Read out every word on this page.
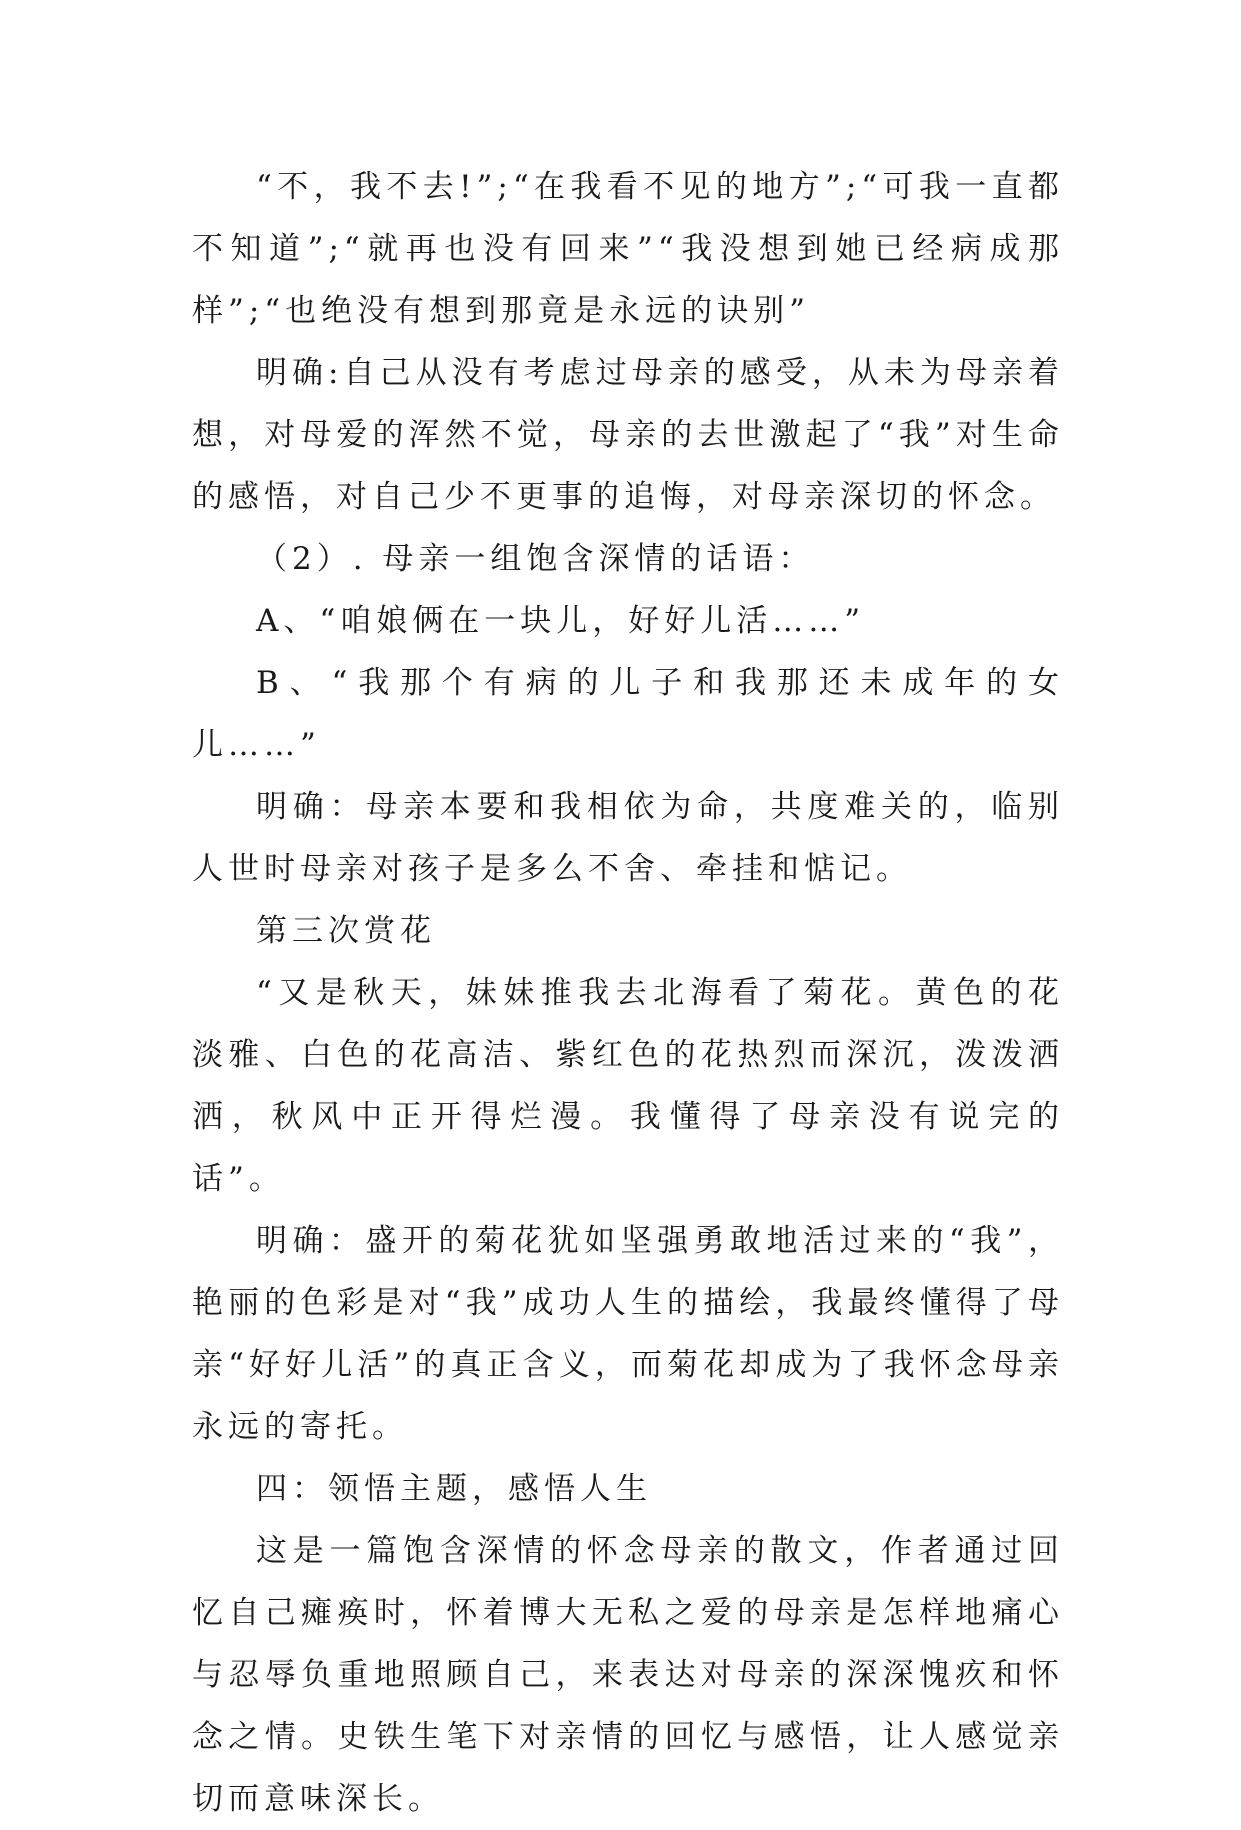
“不，我不去!”;“在我看不见的地方”;“可我一直都不知道”;“就再也没有回来”“我没想到她已经病成那样”;“也绝没有想到那竟是永远的诀别”

明确:自己从没有考虑过母亲的感受，从未为母亲着想，对母爱的浑然不觉，母亲的去世激起了“我”对生命的感悟，对自己少不更事的追悔，对母亲深切的怀念。

（2）. 母亲一组饱含深情的话语：

A、“咱娘俩在一块儿，好好儿活……”

B、“我那个有病的儿子和我那还未成年的女儿……”

明确：母亲本要和我相依为命，共度难关的，临别人世时母亲对孩子是多么不舍、牵挂和惦记。

第三次赏花

“又是秋天，妹妹推我去北海看了菊花。黄色的花淡雅、白色的花高洁、紫红色的花热烈而深沉，泼泼洒洒，秋风中正开得烂漫。我懂得了母亲没有说完的话”。

明确：盛开的菊花犹如坚强勇敢地活过来的“我”，艳丽的色彩是对“我”成功人生的描绘，我最终懂得了母亲“好好儿活”的真正含义，而菊花却成为了我怀念母亲永远的寄托。

四：领悟主题，感悟人生

这是一篇饱含深情的怀念母亲的散文，作者通过回忆自己瘫痪时，怀着博大无私之爱的母亲是怎样地痛心与忍辱负重地照顾自己，来表达对母亲的深深愧疚和怀念之情。史铁生笔下对亲情的回忆与感悟，让人感觉亲切而意味深长。
